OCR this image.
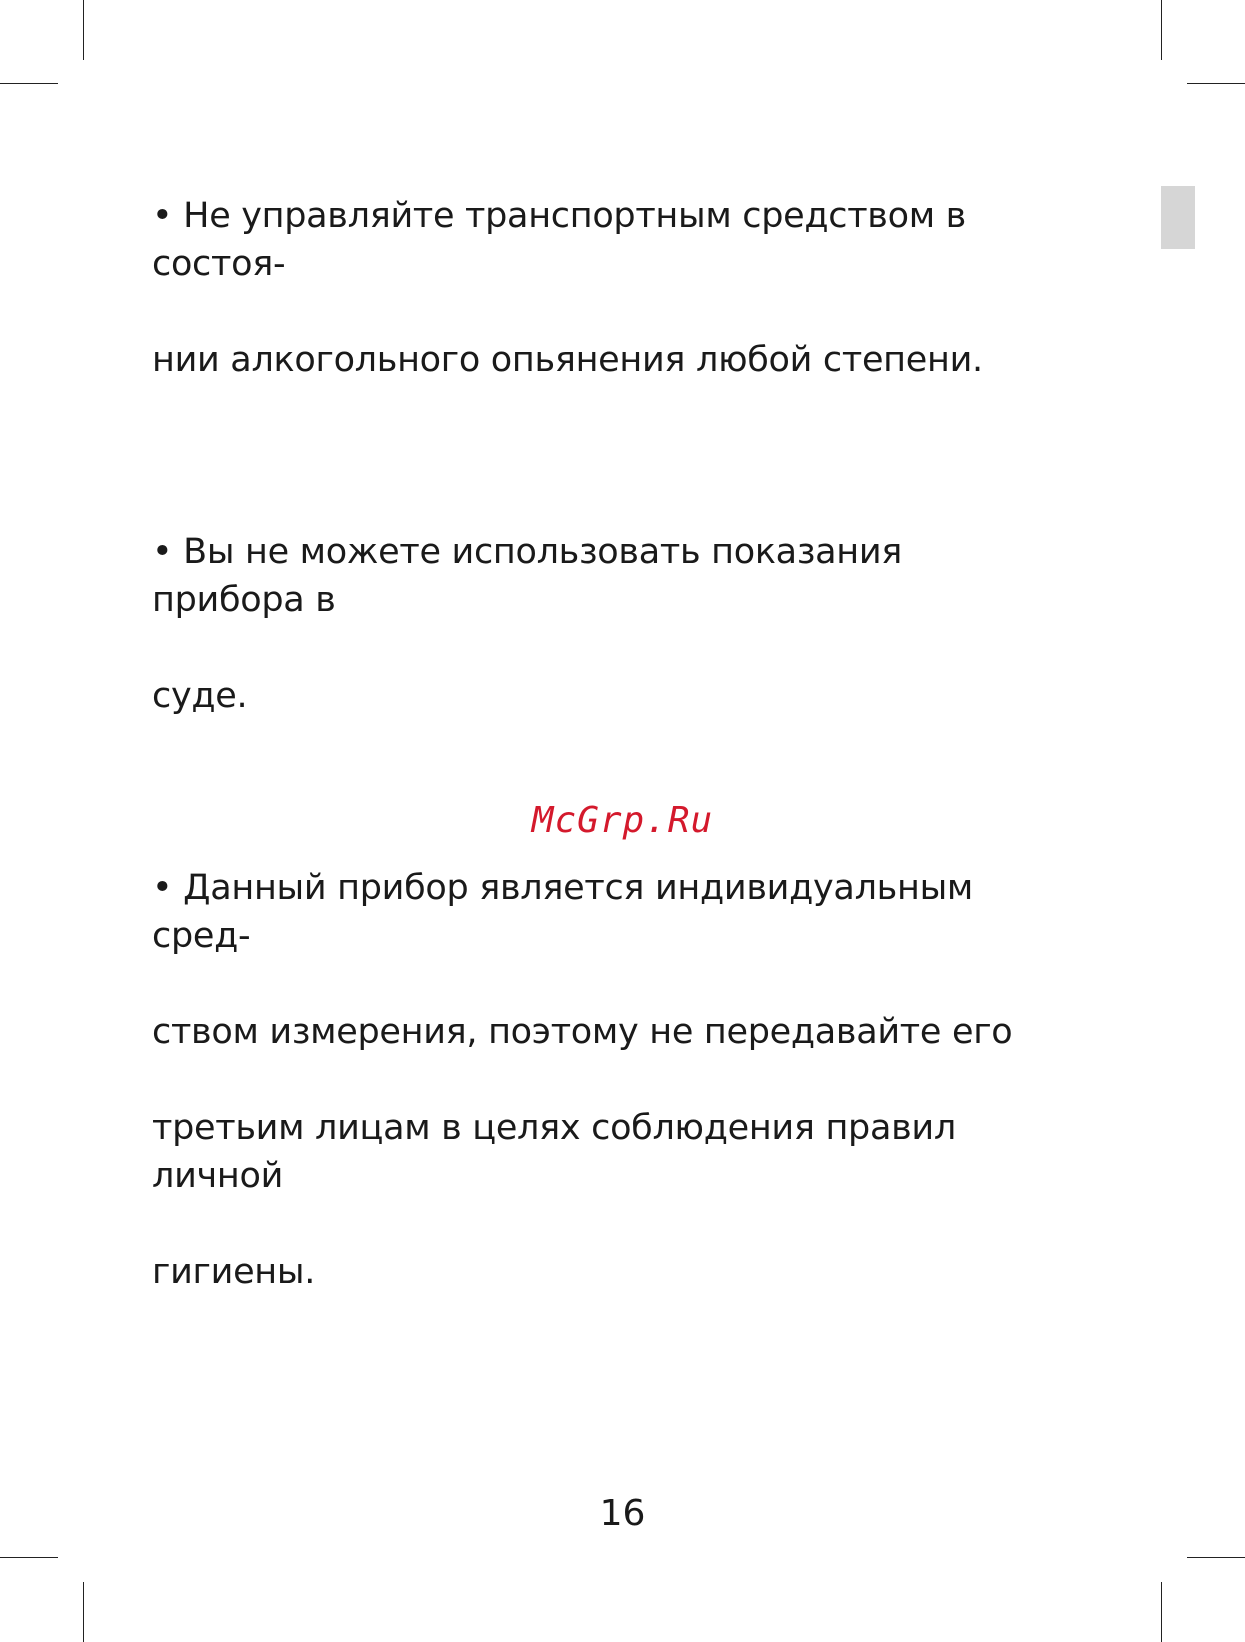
• Не управляйте транспортным средством в состоя-

нии алкогольного опьянения любой степени.

• Вы не можете использовать показания прибора в

суде.

• Данный прибор является индивидуальным сред-

ством измерения, поэтому не передавайте его

третьим лицам в целях соблюдения правил личной

гигиены.

McGrp.Ru
16
